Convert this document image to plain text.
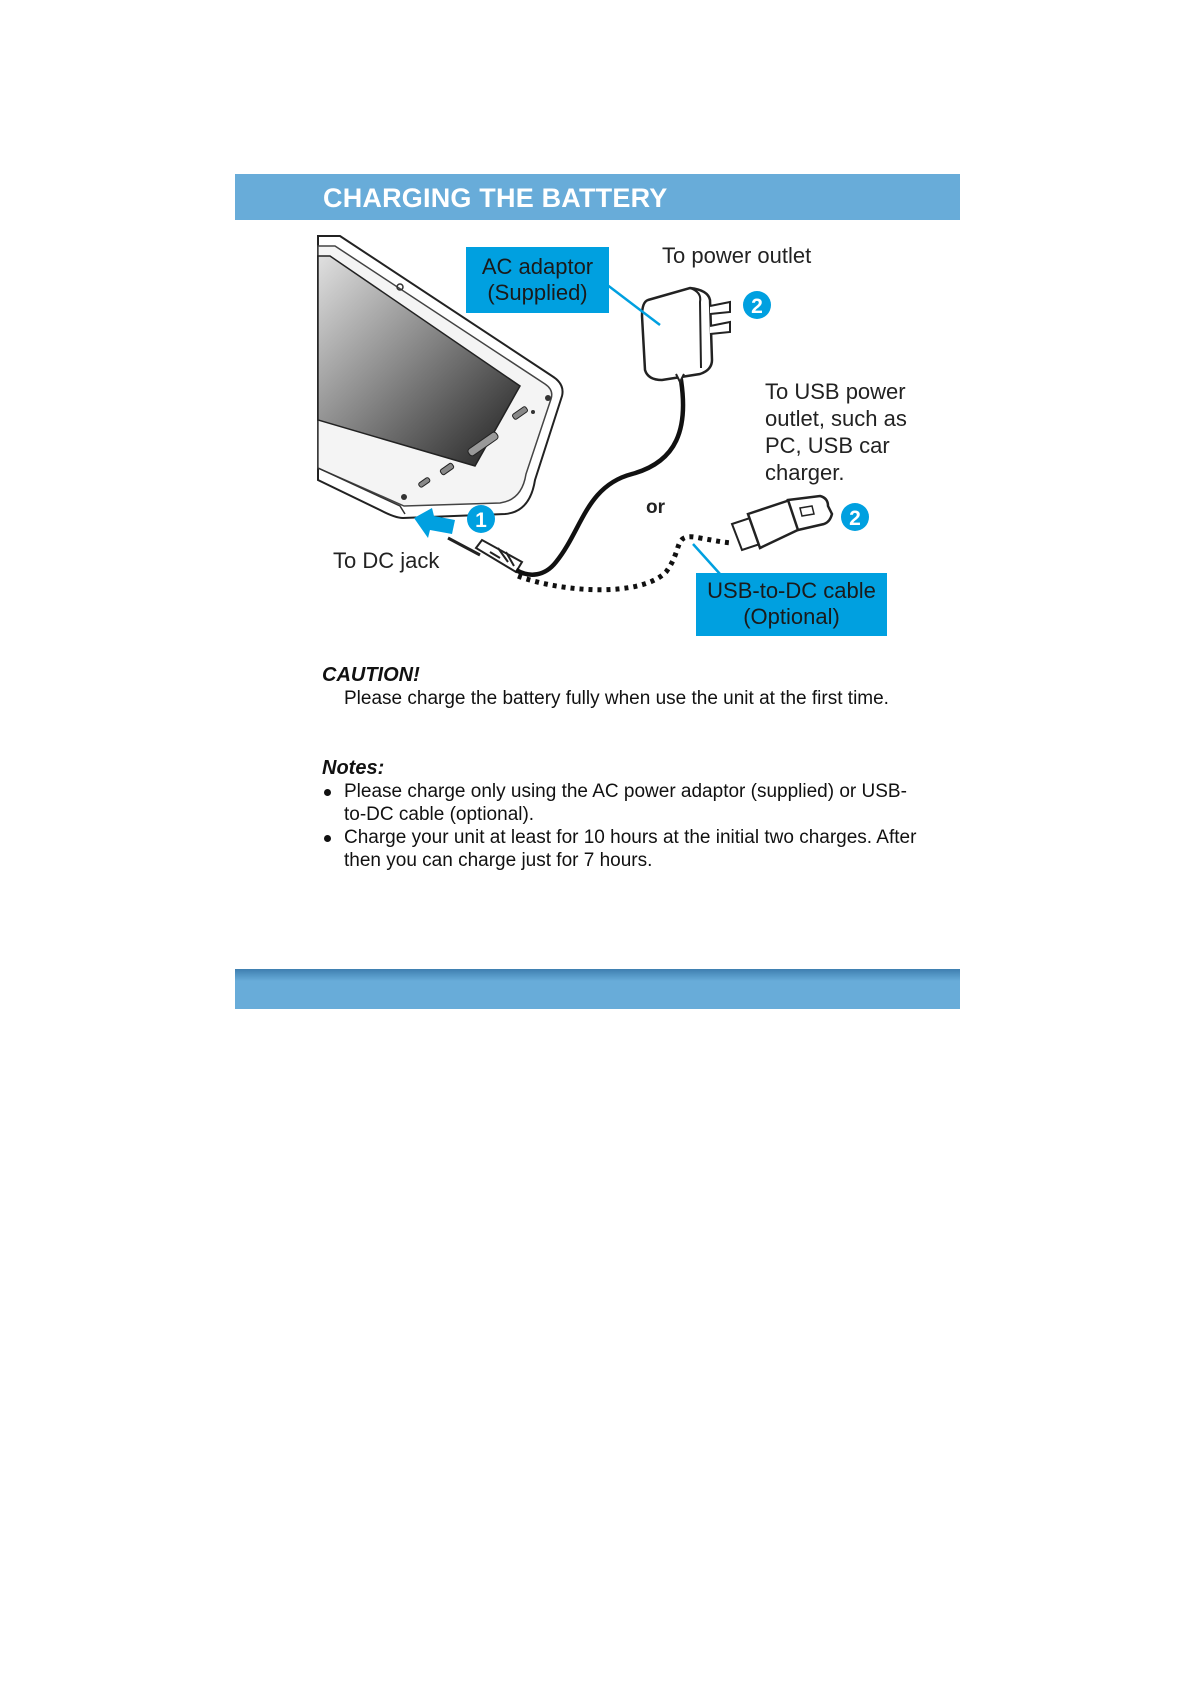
CHARGING THE BATTERY
1
2
2
AC adaptor
(Supplied)
To power outlet
To USB power
outlet, such as
PC, USB car
charger.
or
To DC jack
USB-to-DC cable
(Optional)

CAUTION!

Please charge the battery fully when use the unit at the first time.

Notes:

Please charge only using the AC power adaptor (supplied) or USB-to-DC cable (optional).
Charge your unit at least for 10 hours at the initial two charges. After then you can charge just for 7 hours.
